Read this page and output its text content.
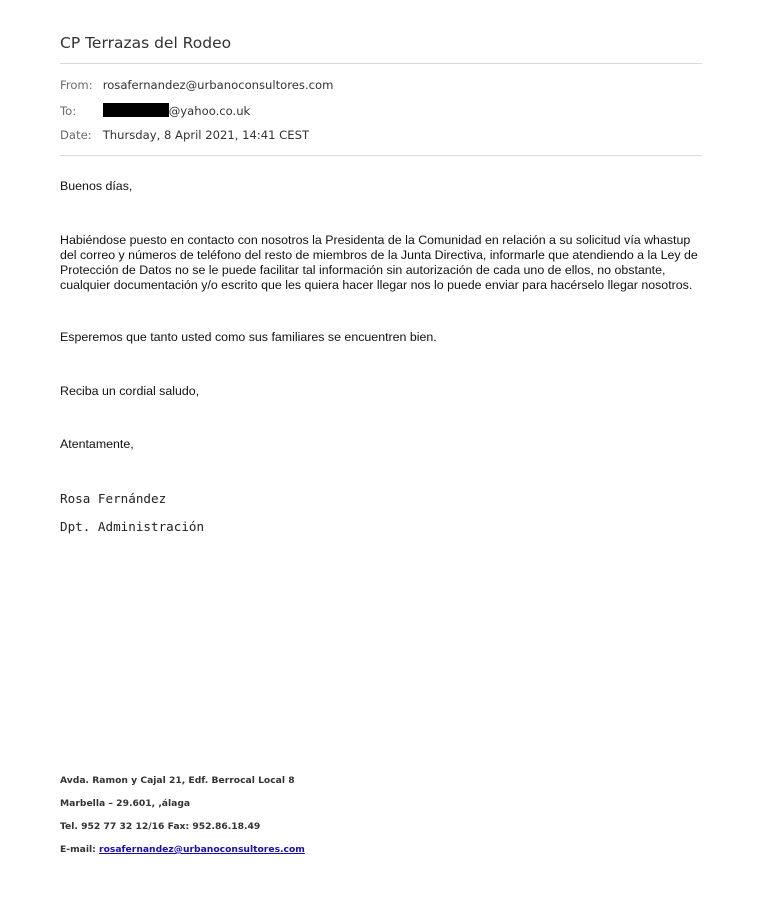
CP Terrazas del Rodeo
From: rosafernandez@urbanoconsultores.com
To:	@yahoo.co.uk
Date: Thursday, 8 April 2021, 14:41 CEST
Buenos días,
Habiéndose puesto en contacto con nosotros la Presidenta de la Comunidad en relación a su solicitud vía whastup del correo y números de teléfono del resto de miembros de la Junta Directiva, informarle que atendiendo a la Ley de Protección de Datos no se le puede facilitar tal información sin autorización de cada uno de ellos, no obstante, cualquier documentación y/o escrito que les quiera hacer llegar nos lo puede enviar para hacérselo llegar nosotros.
Esperemos que tanto usted como sus familiares se encuentren bien.
Reciba un cordial saludo,
Atentamente,
Rosa Fernández
Dpt. Administración
Avda. Ramon y Cajal 21, Edf. Berrocal Local 8
Marbella – 29.601, ,álaga
Tel. 952 77 32 12/16 Fax: 952.86.18.49
E-mail: rosafernandez@urbanoconsultores.com
